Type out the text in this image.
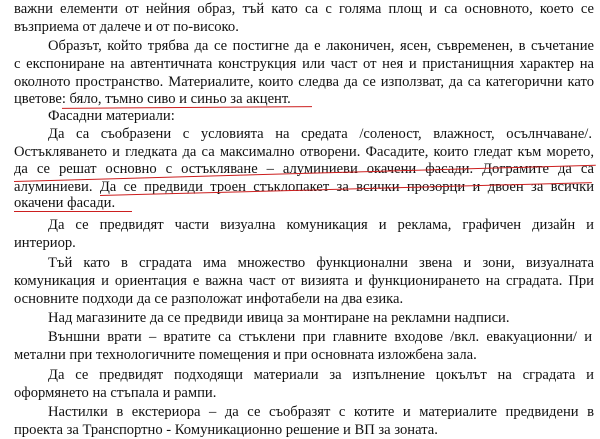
важни елементи от нейния образ, тъй като са с голяма площ и са основното, което се

възприема от далече и от по-високо.

Образът, който трябва да се постигне да е лаконичен, ясен, съвременен, в съчетание

с експониране на автентичната конструкция или част от нея и пристанищния характер на

околното пространство. Материалите, които следва да се използват, да са категорични като

цветове: бяло, тъмно сиво и синьо за акцент.

Фасадни материали:

Да са съобразени с условията на средата /соленост, влажност, осълнчаване/.

Остъкляването и гледката да са максимално отворени. Фасадите, които гледат към морето,

да се решат основно с остъкляване – алуминиеви окачени фасади. Дограмите да са

алуминиеви. Да се предвиди троен стъклопакет за всички прозорци и двоен за всички

окачени фасади.

Да се предвидят части визуална комуникация и реклама, графичен дизайн и

интериор.

Тъй като в сградата има множество функционални звена и зони, визуалната

комуникация и ориентация е важна част от визията и функционирането на сградата. При

основните подходи да се разположат инфотабели на два езика.

Над магазините да се предвиди ивица за монтиране на рекламни надписи.

Външни врати – вратите са стъклени при главните входове /вкл. евакуационни/ и

метални при технологичните помещения и при основната изложбена зала.

Да се предвидят подходящи материали за изпълнение цокълът на сградата и

оформянето на стъпала и рампи.

Настилки в екстериора – да се съобразят с котите и материалите предвидени в

проекта за Транспортно - Комуникационно решение и ВП за зоната.
